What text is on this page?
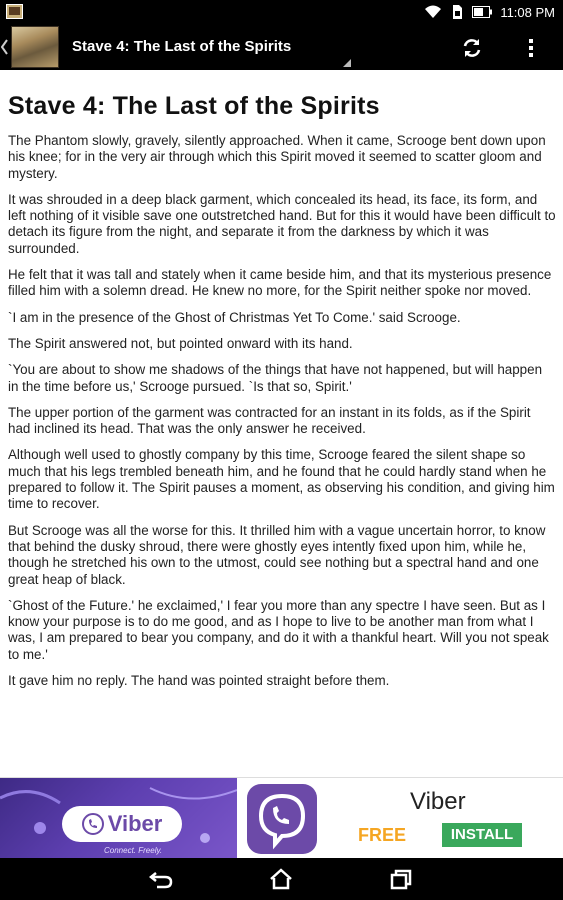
11:08 PM
Stave 4: The Last of the Spirits
Stave 4: The Last of the Spirits

The Phantom slowly, gravely, silently approached. When it came, Scrooge bent down upon his knee; for in the very air through which this Spirit moved it seemed to scatter gloom and mystery.

It was shrouded in a deep black garment, which concealed its head, its face, its form, and left nothing of it visible save one outstretched hand. But for this it would have been difficult to detach its figure from the night, and separate it from the darkness by which it was surrounded.

He felt that it was tall and stately when it came beside him, and that its mysterious presence filled him with a solemn dread. He knew no more, for the Spirit neither spoke nor moved.

`I am in the presence of the Ghost of Christmas Yet To Come.' said Scrooge.

The Spirit answered not, but pointed onward with its hand.

`You are about to show me shadows of the things that have not happened, but will happen in the time before us,' Scrooge pursued. `Is that so, Spirit.'

The upper portion of the garment was contracted for an instant in its folds, as if the Spirit had inclined its head. That was the only answer he received.

Although well used to ghostly company by this time, Scrooge feared the silent shape so much that his legs trembled beneath him, and he found that he could hardly stand when he prepared to follow it. The Spirit pauses a moment, as observing his condition, and giving him time to recover.

But Scrooge was all the worse for this. It thrilled him with a vague uncertain horror, to know that behind the dusky shroud, there were ghostly eyes intently fixed upon him, while he, though he stretched his own to the utmost, could see nothing but a spectral hand and one great heap of black.

`Ghost of the Future.' he exclaimed,' I fear you more than any spectre I have seen. But as I know your purpose is to do me good, and as I hope to live to be another man from what I was, I am prepared to bear you company, and do it with a thankful heart. Will you not speak to me.'

It gave him no reply. The hand was pointed straight before them.

Viber
Connect. Freely.
Viber
FREE	INSTALL
